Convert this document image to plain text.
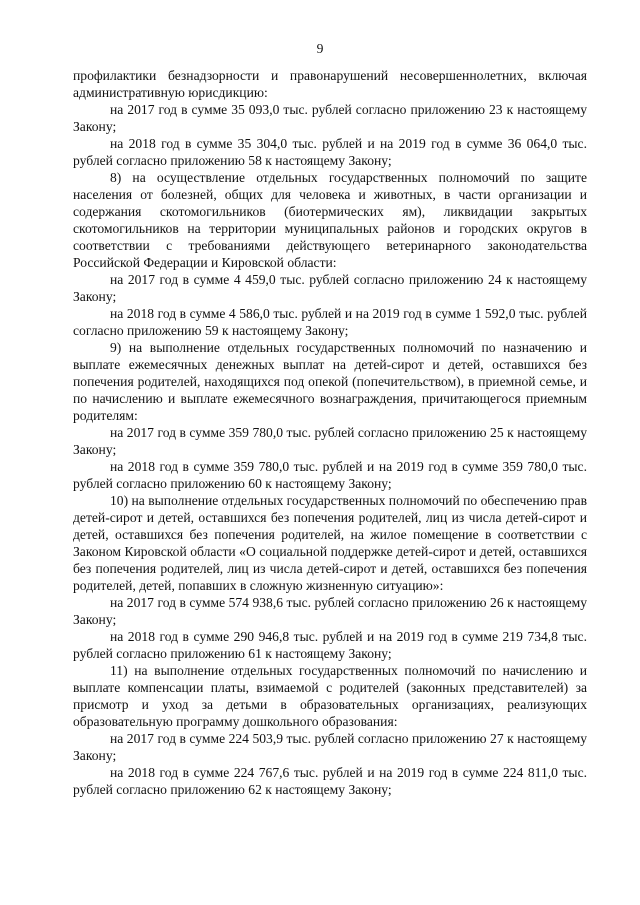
9

профилактики безнадзорности и правонарушений несовершеннолетних, включая административную юрисдикцию:

на 2017 год в сумме 35 093,0 тыс. рублей согласно приложению 23 к настоящему Закону;

на 2018 год в сумме 35 304,0 тыс. рублей и на 2019 год в сумме 36 064,0 тыс. рублей согласно приложению 58 к настоящему Закону;

8) на осуществление отдельных государственных полномочий по защите населения от болезней, общих для человека и животных, в части организации и содержания скотомогильников (биотермических ям), ликвидации закрытых скотомогильников на территории муниципальных районов и городских округов в соответствии с требованиями действующего ветеринарного законодательства Российской Федерации и Кировской области:

на 2017 год в сумме 4 459,0 тыс. рублей согласно приложению 24 к настоящему Закону;

на 2018 год в сумме 4 586,0 тыс. рублей и на 2019 год в сумме 1 592,0 тыс. рублей согласно приложению 59 к настоящему Закону;

9) на выполнение отдельных государственных полномочий по назначению и выплате ежемесячных денежных выплат на детей-сирот и детей, оставшихся без попечения родителей, находящихся под опекой (попечительством), в приемной семье, и по начислению и выплате ежемесячного вознаграждения, причитающегося приемным родителям:

на 2017 год в сумме 359 780,0 тыс. рублей согласно приложению 25 к настоящему Закону;

на 2018 год в сумме 359 780,0 тыс. рублей и на 2019 год в сумме 359 780,0 тыс. рублей согласно приложению 60 к настоящему Закону;

10) на выполнение отдельных государственных полномочий по обеспечению прав детей-сирот и детей, оставшихся без попечения родителей, лиц из числа детей-сирот и детей, оставшихся без попечения родителей, на жилое помещение в соответствии с Законом Кировской области «О социальной поддержке детей-сирот и детей, оставшихся без попечения родителей, лиц из числа детей-сирот и детей, оставшихся без попечения родителей, детей, попавших в сложную жизненную ситуацию»:

на 2017 год в сумме 574 938,6 тыс. рублей согласно приложению 26 к настоящему Закону;

на 2018 год в сумме 290 946,8 тыс. рублей и на 2019 год в сумме 219 734,8 тыс. рублей согласно приложению 61 к настоящему Закону;

11) на выполнение отдельных государственных полномочий по начислению и выплате компенсации платы, взимаемой с родителей (законных представителей) за присмотр и уход за детьми в образовательных организациях, реализующих образовательную программу дошкольного образования:

на 2017 год в сумме 224 503,9 тыс. рублей согласно приложению 27 к настоящему Закону;

на 2018 год в сумме 224 767,6 тыс. рублей и на 2019 год в сумме 224 811,0 тыс. рублей согласно приложению 62 к настоящему Закону;
